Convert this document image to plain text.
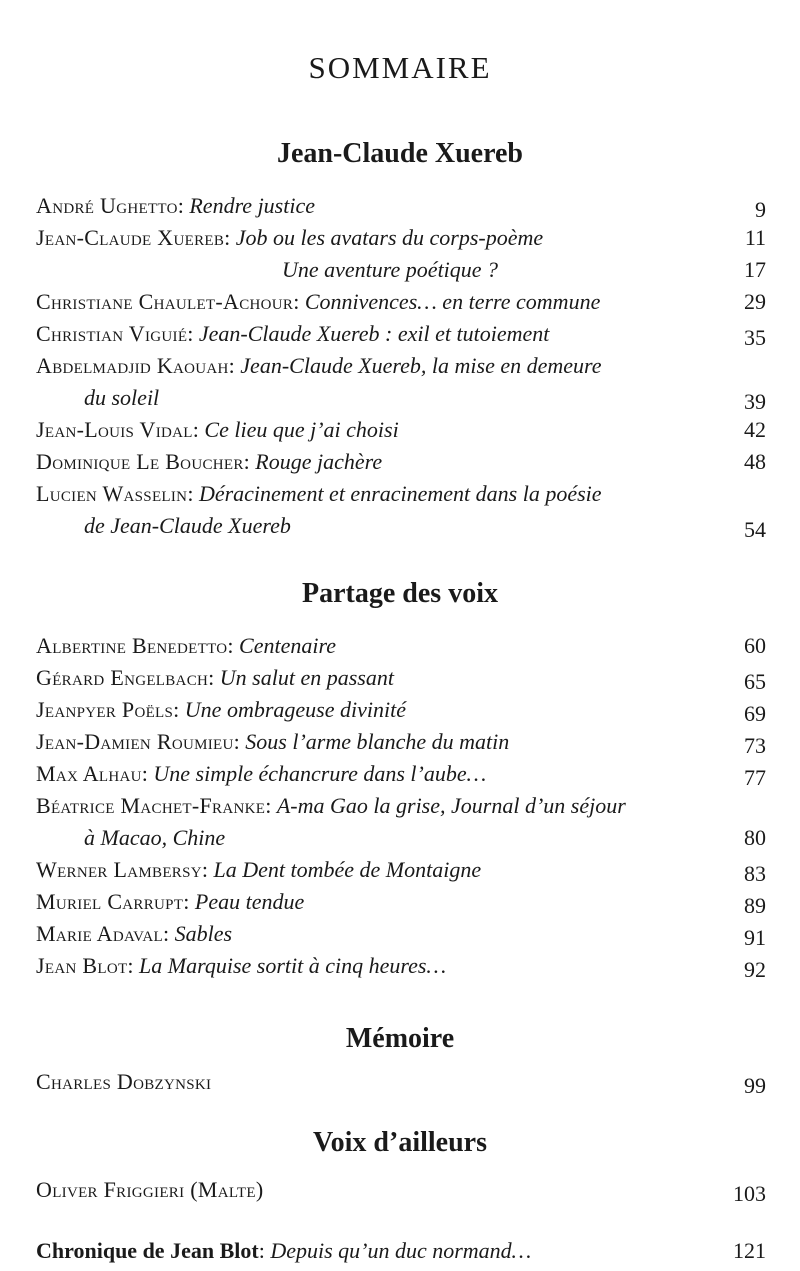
SOMMAIRE
Jean-Claude Xuereb
André Ughetto: Rendre justice	9
Jean-Claude Xuereb: Job ou les avatars du corps-poème	11
Une aventure poétique ?	17
Christiane Chaulet-Achour: Connivences… en terre commune	29
Christian Viguié: Jean-Claude Xuereb : exil et tutoiement	35
Abdelmadjid Kaouah: Jean-Claude Xuereb, la mise en demeure
du soleil	39
Jean-Louis Vidal: Ce lieu que j’ai choisi	42
Dominique Le Boucher: Rouge jachère	48
Lucien Wasselin: Déracinement et enracinement dans la poésie
de Jean-Claude Xuereb	54
Partage des voix
Albertine Benedetto: Centenaire	60
Gérard Engelbach: Un salut en passant	65
Jeanpyer Poëls: Une ombrageuse divinité	69
Jean-Damien Roumieu: Sous l’arme blanche du matin	73
Max Alhau: Une simple échancrure dans l’aube…	77
Béatrice Machet-Franke: A-ma Gao la grise, Journal d’un séjour
à Macao, Chine	80
Werner Lambersy: La Dent tombée de Montaigne	83
Muriel Carrupt: Peau tendue	89
Marie Adaval: Sables	91
Jean Blot: La Marquise sortit à cinq heures…	92
Mémoire
Charles Dobzynski	99
Voix d’ailleurs
Oliver Friggieri (Malte)	103
Chronique de Jean Blot: Depuis qu’un duc normand…	121
